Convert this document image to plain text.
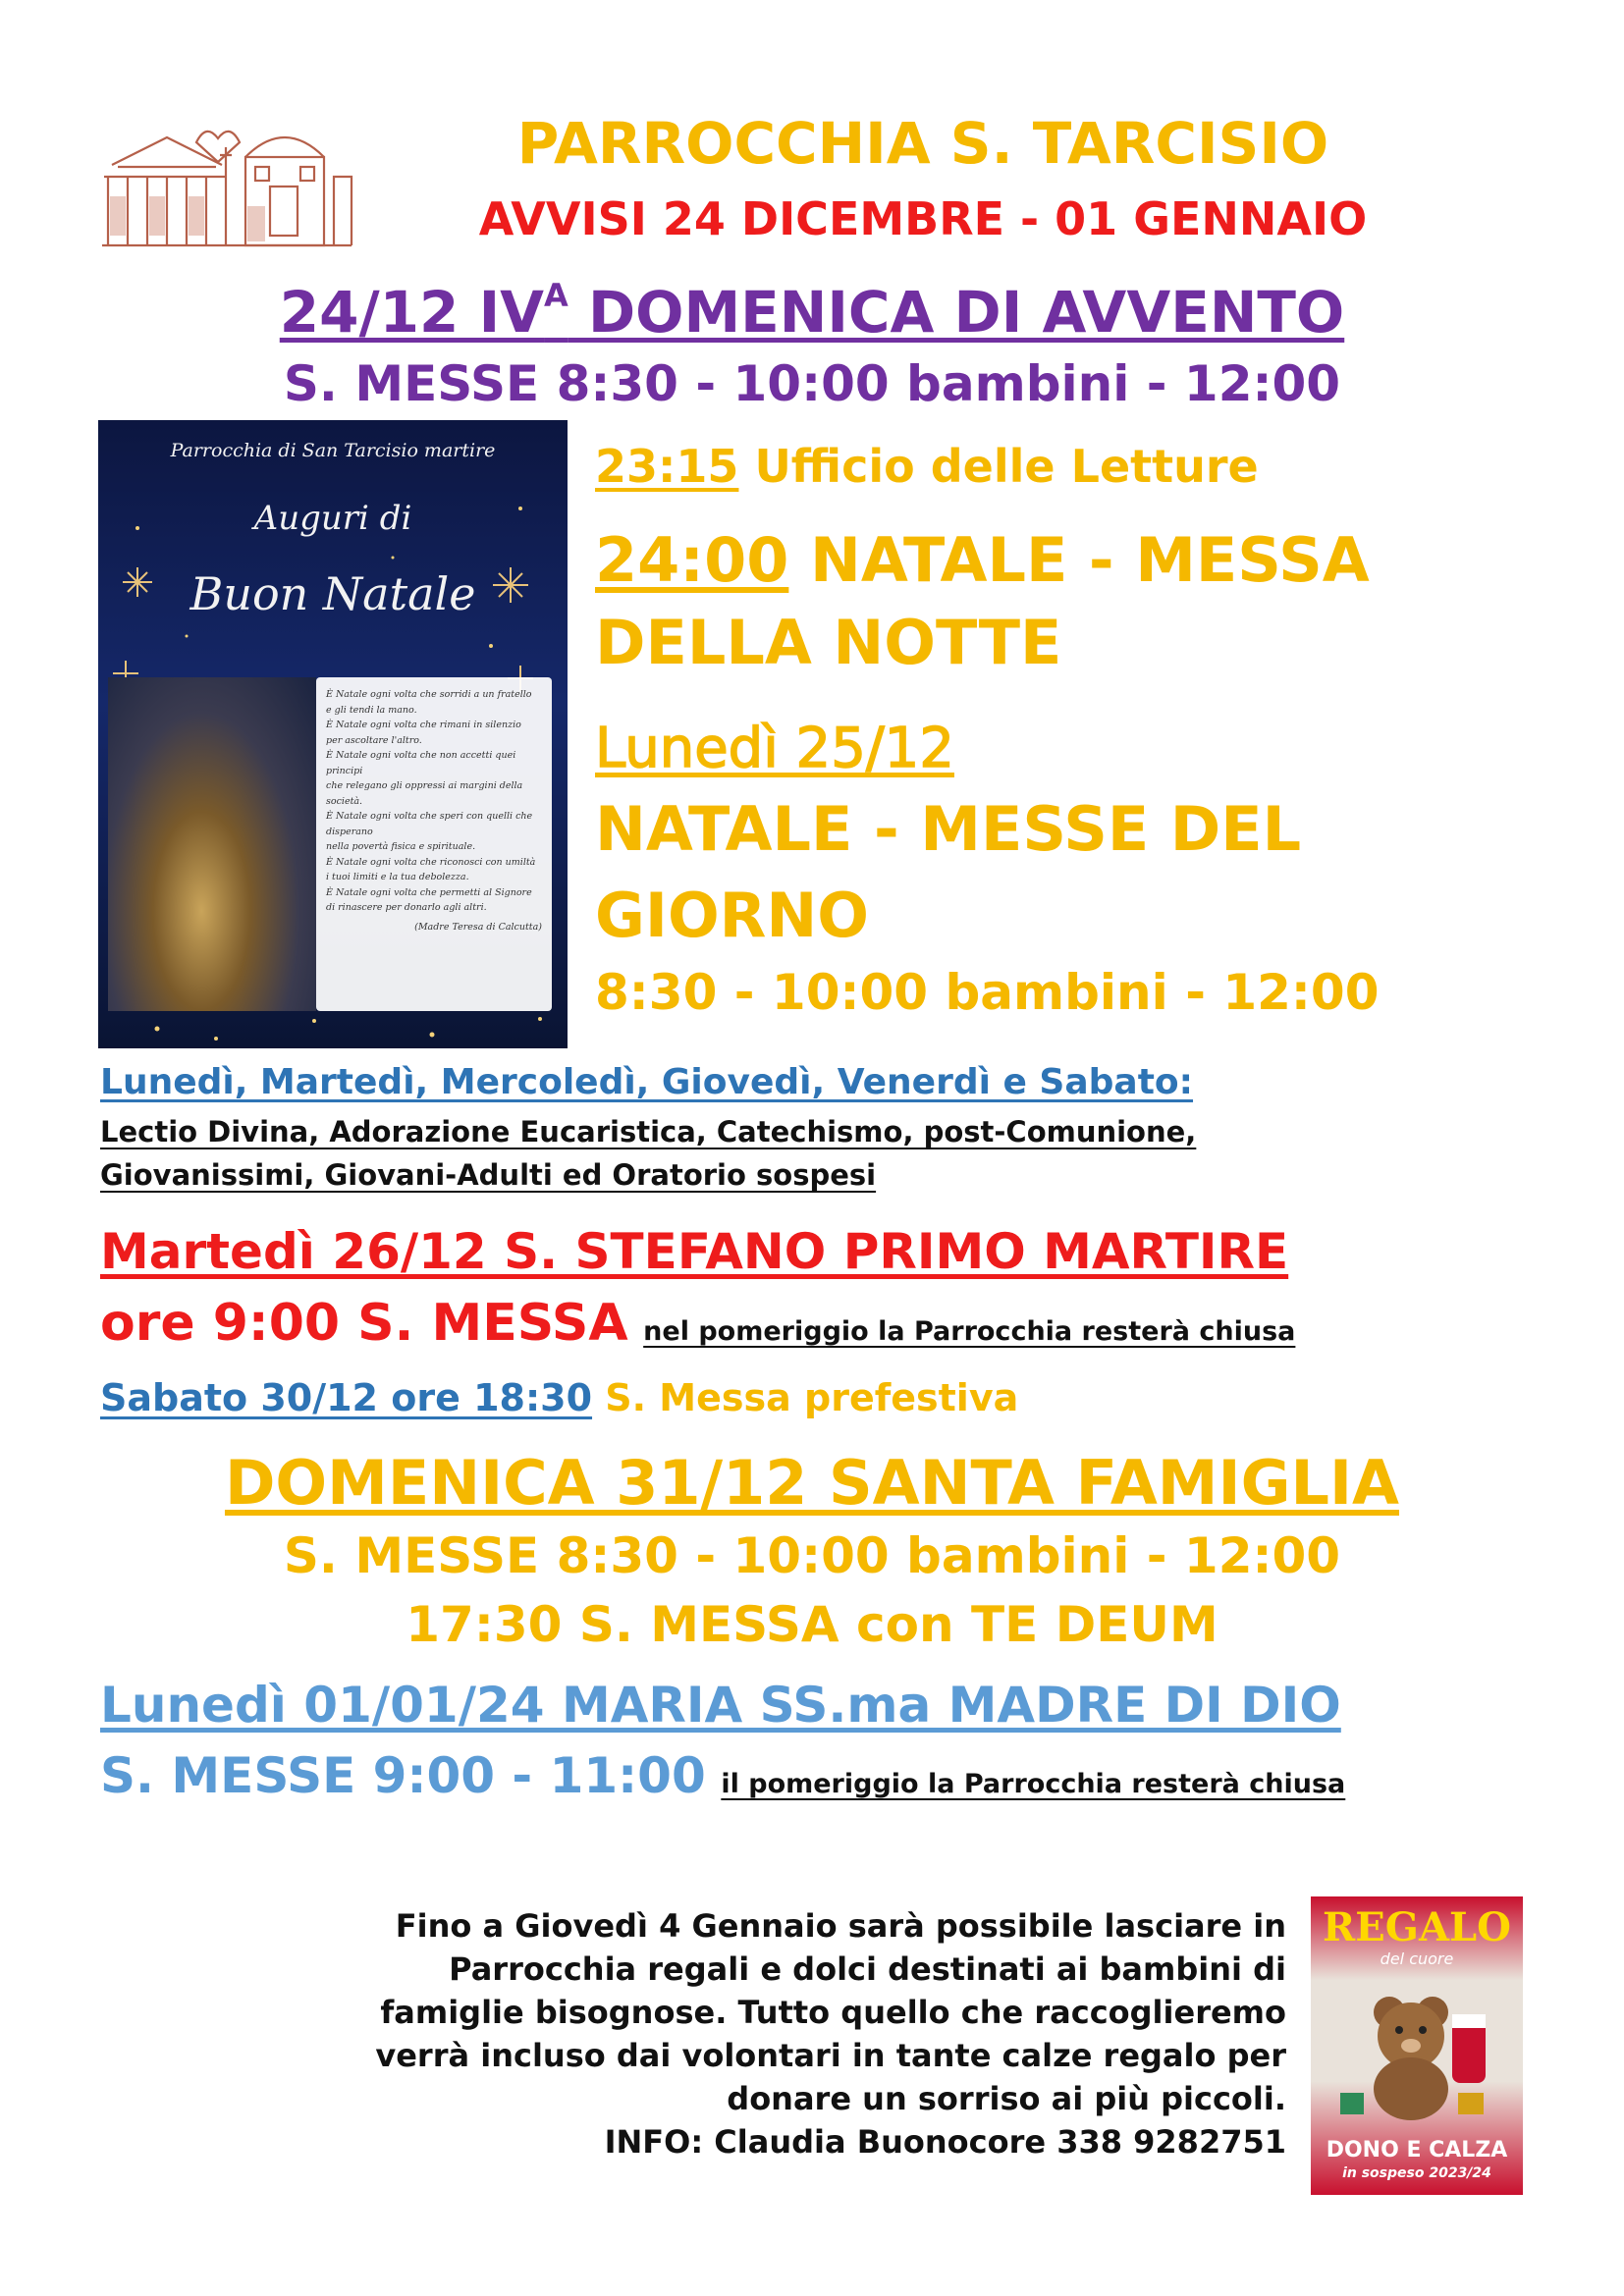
PARROCCHIA S. TARCISIO
AVVISI 24 DICEMBRE - 01 GENNAIO
24/12 $IV^A$ DOMENICA DI AVVENTO
S. MESSE 8:30 - 10:00 bambini - 12:00
Parrocchia di San Tarcisio martire
Auguri di
Buon Natale
È Natale ogni volta che sorridi a un fratello
e gli tendi la mano.
È Natale ogni volta che rimani in silenzio
per ascoltare l'altro.
È Natale ogni volta che non accetti quei principi
che relegano gli oppressi ai margini della società.
È Natale ogni volta che speri con quelli che
disperano
nella povertà fisica e spirituale.
È Natale ogni volta che riconosci con umiltà
i tuoi limiti e la tua debolezza.
È Natale ogni volta che permetti al Signore
di rinascere per donarlo agli altri.
(Madre Teresa di Calcutta)
23:15 Ufficio delle Letture
24:00 NATALE - MESSA
DELLA NOTTE
Lunedì 25/12
NATALE - MESSE DEL
GIORNO
8:30 - 10:00 bambini - 12:00
Lunedì, Martedì, Mercoledì, Giovedì, Venerdì e Sabato:
Lectio Divina, Adorazione Eucaristica, Catechismo, post-Comunione,
Giovanissimi, Giovani-Adulti ed Oratorio sospesi
Martedì 26/12 S. STEFANO PRIMO MARTIRE
ore 9:00 S. MESSA nel pomeriggio la Parrocchia resterà chiusa
Sabato 30/12 ore 18:30 S. Messa prefestiva
DOMENICA 31/12 SANTA FAMIGLIA
S. MESSE 8:30 - 10:00 bambini - 12:00
17:30 S. MESSA con TE DEUM
Lunedì 01/01/24 MARIA SS.ma MADRE DI DIO
S. MESSE 9:00 - 11:00 il pomeriggio la Parrocchia resterà chiusa
Fino a Giovedì 4 Gennaio sarà possibile lasciare in
Parrocchia regali e dolci destinati ai bambini di
famiglie bisognose. Tutto quello che raccoglieremo
verrà incluso dai volontari in tante calze regalo per
donare un sorriso ai più piccoli.
INFO: Claudia Buonocore 338 9282751
REGALO
del cuore
DONO E CALZA
in sospeso 2023/24
